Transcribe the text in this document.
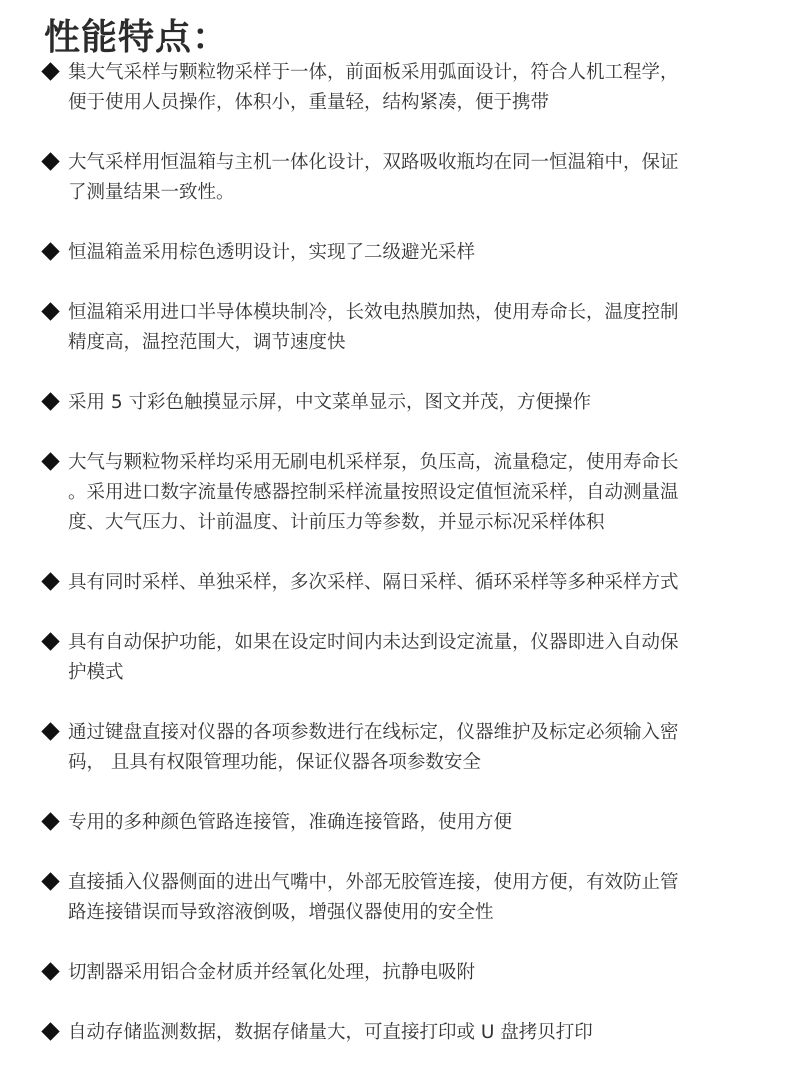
性能特点：

集大气采样与颗粒物采样于一体，前面板采用弧面设计，符合人机工程学，
便于使用人员操作，体积小，重量轻，结构紧凑，便于携带

大气采样用恒温箱与主机一体化设计，双路吸收瓶均在同一恒温箱中，保证
了测量结果一致性。

恒温箱盖采用棕色透明设计，实现了二级避光采样

恒温箱采用进口半导体模块制冷，长效电热膜加热，使用寿命长，温度控制
精度高，温控范围大，调节速度快

采用 5 寸彩色触摸显示屏，中文菜单显示，图文并茂，方便操作

大气与颗粒物采样均采用无刷电机采样泵，负压高，流量稳定，使用寿命长
。采用进口数字流量传感器控制采样流量按照设定值恒流采样，自动测量温
度、大气压力、计前温度、计前压力等参数，并显示标况采样体积

具有同时采样、单独采样，多次采样、隔日采样、循环采样等多种采样方式

具有自动保护功能，如果在设定时间内未达到设定流量，仪器即进入自动保
护模式

通过键盘直接对仪器的各项参数进行在线标定，仪器维护及标定必须输入密
码， 且具有权限管理功能，保证仪器各项参数安全

专用的多种颜色管路连接管，准确连接管路，使用方便

直接插入仪器侧面的进出气嘴中，外部无胶管连接，使用方便，有效防止管
路连接错误而导致溶液倒吸，增强仪器使用的安全性

切割器采用铝合金材质并经氧化处理，抗静电吸附

自动存储监测数据，数据存储量大，可直接打印或 U 盘拷贝打印
